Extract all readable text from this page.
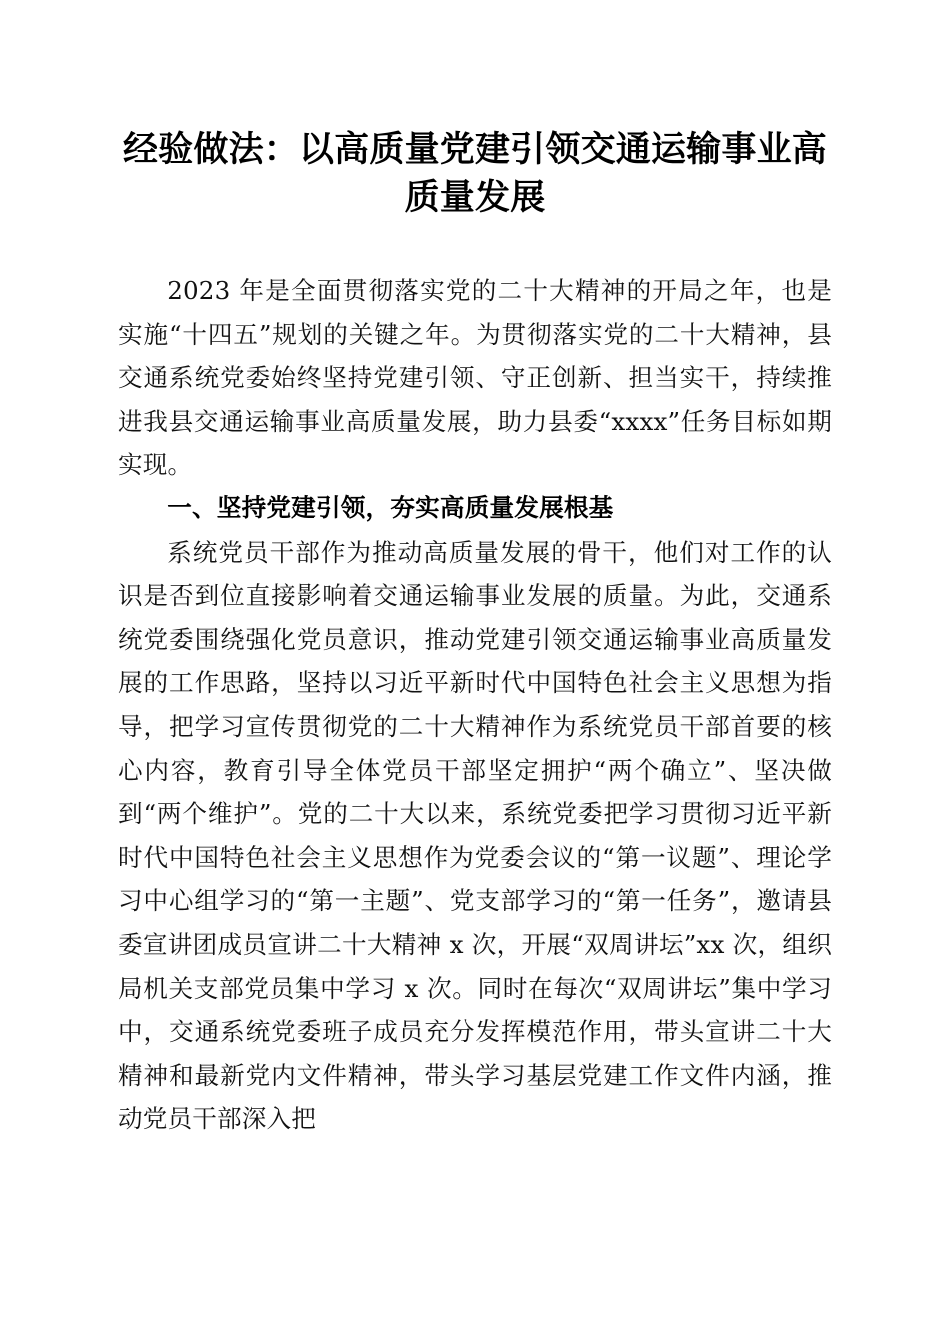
经验做法：以高质量党建引领交通运输事业高质量发展

2023 年是全面贯彻落实党的二十大精神的开局之年，也是实施“十四五”规划的关键之年。为贯彻落实党的二十大精神，县交通系统党委始终坚持党建引领、守正创新、担当实干，持续推进我县交通运输事业高质量发展，助力县委“xxxx”任务目标如期实现。

一、坚持党建引领，夯实高质量发展根基

系统党员干部作为推动高质量发展的骨干，他们对工作的认识是否到位直接影响着交通运输事业发展的质量。为此，交通系统党委围绕强化党员意识，推动党建引领交通运输事业高质量发展的工作思路，坚持以习近平新时代中国特色社会主义思想为指导，把学习宣传贯彻党的二十大精神作为系统党员干部首要的核心内容，教育引导全体党员干部坚定拥护“两个确立”、坚决做到“两个维护”。党的二十大以来，系统党委把学习贯彻习近平新时代中国特色社会主义思想作为党委会议的“第一议题”、理论学习中心组学习的“第一主题”、党支部学习的“第一任务”，邀请县委宣讲团成员宣讲二十大精神 x 次，开展“双周讲坛”xx 次，组织局机关支部党员集中学习 x 次。同时在每次“双周讲坛”集中学习中，交通系统党委班子成员充分发挥模范作用，带头宣讲二十大精神和最新党内文件精神，带头学习基层党建工作文件内涵，推动党员干部深入把
